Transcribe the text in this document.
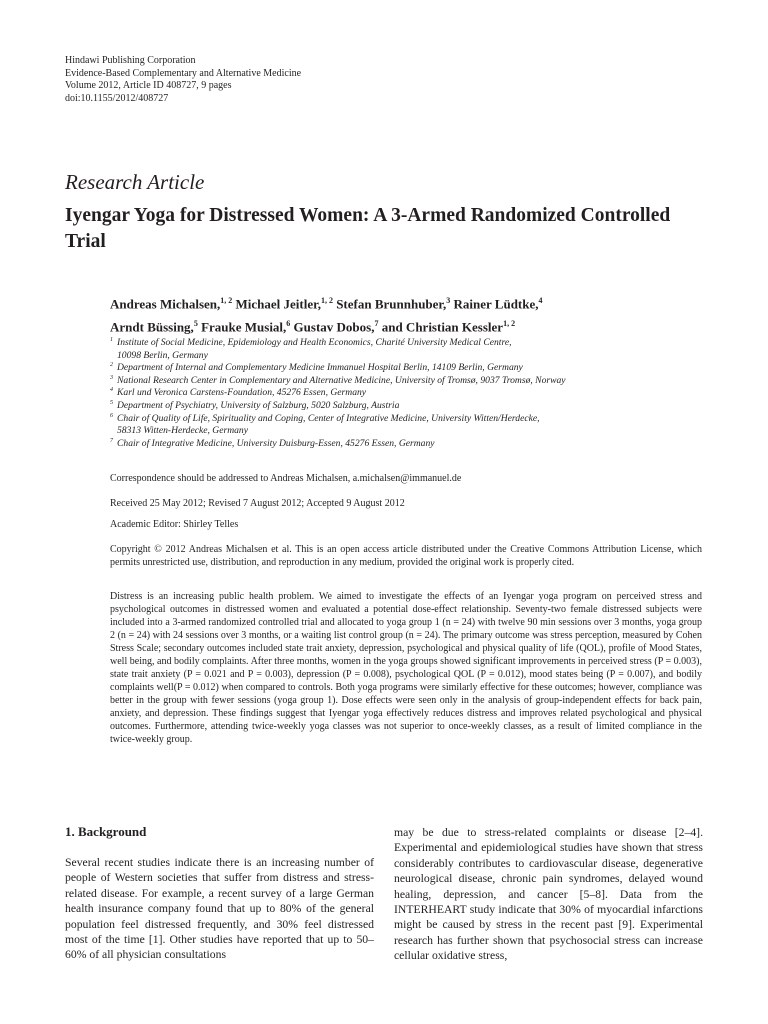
Hindawi Publishing Corporation
Evidence-Based Complementary and Alternative Medicine
Volume 2012, Article ID 408727, 9 pages
doi:10.1155/2012/408727
Research Article
Iyengar Yoga for Distressed Women: A 3-Armed Randomized Controlled Trial
Andreas Michalsen,$^{1, 2}$ Michael Jeitler,$^{1, 2}$ Stefan Brunnhuber,$^3$ Rainer Lüdtke,$^4$
Arndt Büssing,$^5$ Frauke Musial,$^6$ Gustav Dobos,$^7$ and Christian Kessler$^{1, 2}$
1 Institute of Social Medicine, Epidemiology and Health Economics, Charité University Medical Centre,
10098 Berlin, Germany
2 Department of Internal and Complementary Medicine Immanuel Hospital Berlin, 14109 Berlin, Germany
3 National Research Center in Complementary and Alternative Medicine, University of Tromsø, 9037 Tromsø, Norway
4 Karl und Veronica Carstens-Foundation, 45276 Essen, Germany
5 Department of Psychiatry, University of Salzburg, 5020 Salzburg, Austria
6 Chair of Quality of Life, Spirituality and Coping, Center of Integrative Medicine, University Witten/Herdecke,
58313 Witten-Herdecke, Germany
7 Chair of Integrative Medicine, University Duisburg-Essen, 45276 Essen, Germany
Correspondence should be addressed to Andreas Michalsen, a.michalsen@immanuel.de
Received 25 May 2012; Revised 7 August 2012; Accepted 9 August 2012
Academic Editor: Shirley Telles
Copyright © 2012 Andreas Michalsen et al. This is an open access article distributed under the Creative Commons Attribution License, which permits unrestricted use, distribution, and reproduction in any medium, provided the original work is properly cited.
Distress is an increasing public health problem. We aimed to investigate the effects of an Iyengar yoga program on perceived stress and psychological outcomes in distressed women and evaluated a potential dose-effect relationship. Seventy-two female distressed subjects were included into a 3-armed randomized controlled trial and allocated to yoga group 1 (n = 24) with twelve 90 min sessions over 3 months, yoga group 2 (n = 24) with 24 sessions over 3 months, or a waiting list control group (n = 24). The primary outcome was stress perception, measured by Cohen Stress Scale; secondary outcomes included state trait anxiety, depression, psychological and physical quality of life (QOL), profile of Mood States, well being, and bodily complaints. After three months, women in the yoga groups showed significant improvements in perceived stress (P = 0.003), state trait anxiety (P = 0.021 and P = 0.003), depression (P = 0.008), psychological QOL (P = 0.012), mood states being (P = 0.007), and bodily complaints well(P = 0.012) when compared to controls. Both yoga programs were similarly effective for these outcomes; however, compliance was better in the group with fewer sessions (yoga group 1). Dose effects were seen only in the analysis of group-independent effects for back pain, anxiety, and depression. These findings suggest that Iyengar yoga effectively reduces distress and improves related psychological and physical outcomes. Furthermore, attending twice-weekly yoga classes was not superior to once-weekly classes, as a result of limited compliance in the twice-weekly group.
1. Background
Several recent studies indicate there is an increasing number of people of Western societies that suffer from distress and stress-related disease. For example, a recent survey of a large German health insurance company found that up to 80% of the general population feel distressed frequently, and 30% feel distressed most of the time [1]. Other studies have reported that up to 50–60% of all physician consultations
may be due to stress-related complaints or disease [2–4]. Experimental and epidemiological studies have shown that stress considerably contributes to cardiovascular disease, degenerative neurological disease, chronic pain syndromes, delayed wound healing, depression, and cancer [5–8]. Data from the INTERHEART study indicate that 30% of myocardial infarctions might be caused by stress in the recent past [9]. Experimental research has further shown that psychosocial stress can increase cellular oxidative stress,
